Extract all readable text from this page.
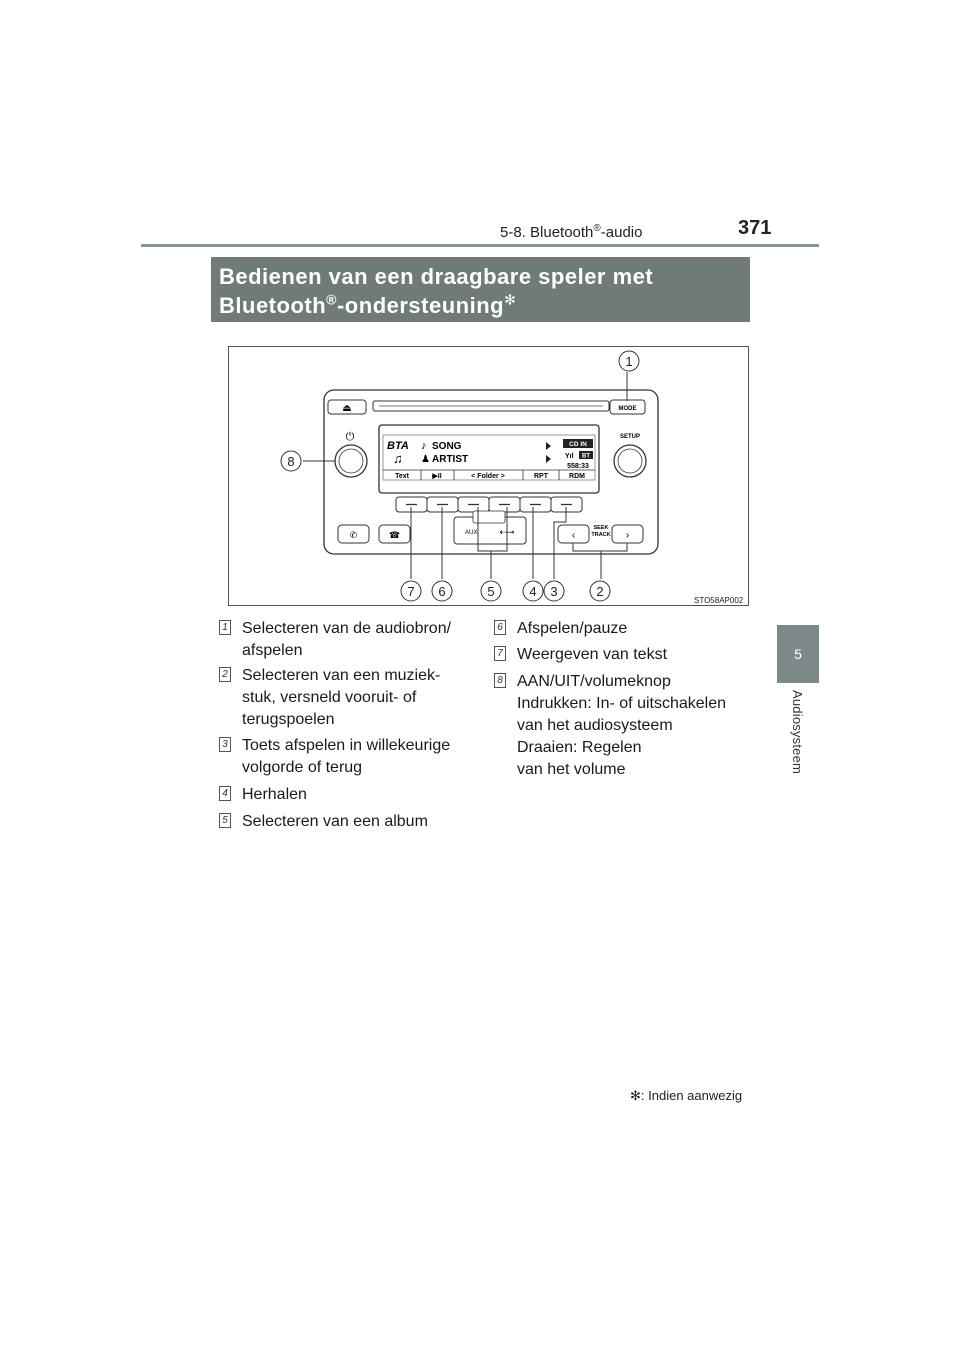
5-8. Bluetooth®-audio	371
5
Audiosysteem
Bedienen van een draagbare speler met
Bluetooth®-ondersteuning✻
⏏	MODE
⏻	SETUP
BTA ♪ SONG
♫ ♟ ARTIST
CD IN
Yıl BT
558:33
Text	▶II	< Folder >	RPT	RDM
✆	☎	AUX ⇠⊸	SEEK
TRACK
‹	›
1
2
3
4
5
6
7
8
STO58AP002
1 Selecteren van de audiobron/
afspelen
2 Selecteren van een muziek-
stuk, versneld vooruit- of
terugspoelen
3 Toets afspelen in willekeurige
volgorde of terug
4 Herhalen
5 Selecteren van een album
6 Afspelen/pauze
7 Weergeven van tekst
8 AAN/UIT/volumeknop
Indrukken: In- of uitschakelen
van het audiosysteem
Draaien: Regelen
van het volume
✻: Indien aanwezig
